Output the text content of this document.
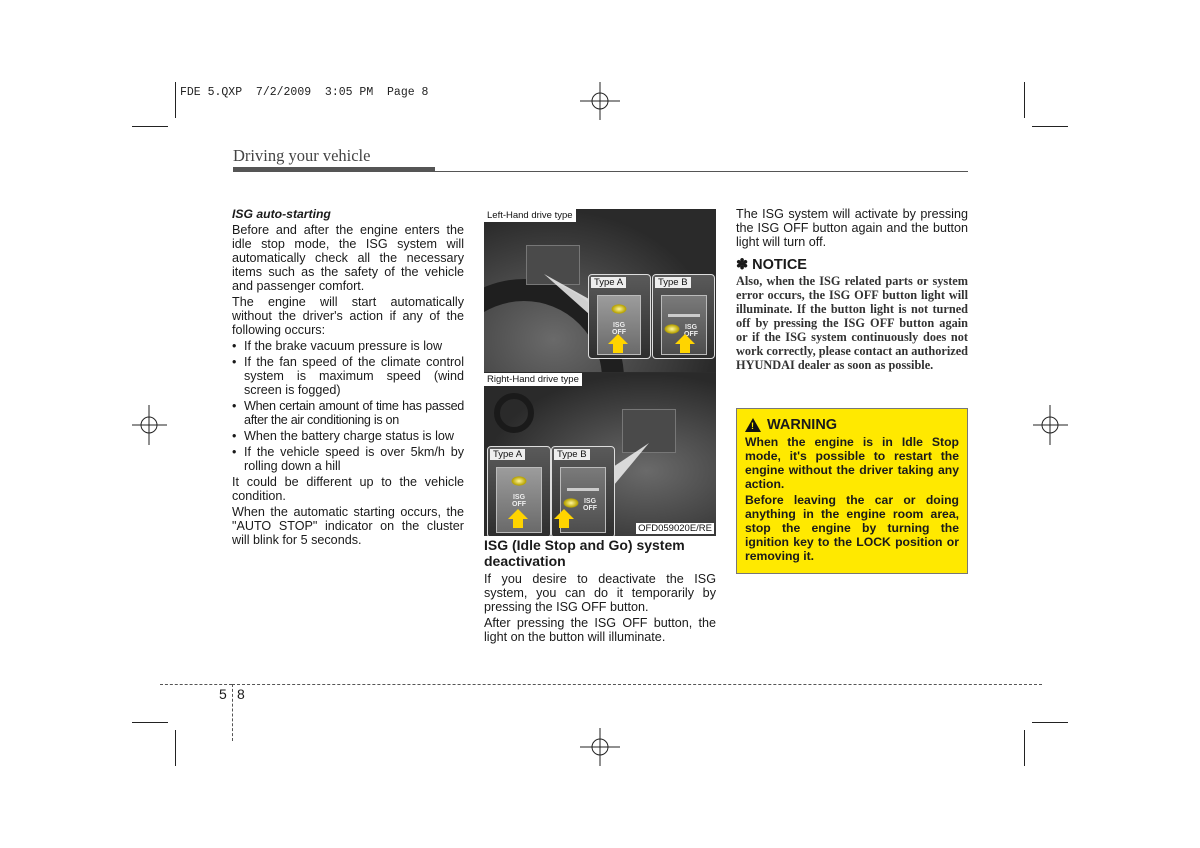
FDE 5.QXP  7/2/2009  3:05 PM  Page 8
Driving your vehicle
ISG auto-starting

Before and after the engine enters the idle stop mode, the ISG system will automatically check all the necessary items such as the safety of the vehicle and passenger comfort.

The engine will start automatically without the driver's action if any of the following occurs:

• If the brake vacuum pressure is low
• If the fan speed of the climate control system is maximum speed (wind screen is fogged)
• When certain amount of time has passed after the air conditioning is on
• When the battery charge status is low
• If the vehicle speed is over 5km/h by rolling down a hill

It could be different up to the vehicle condition.

When the automatic starting occurs, the "AUTO STOP" indicator on the cluster will blink for 5 seconds.

Left-Hand drive type
Type A
ISG
OFF
Type B
ISG
OFF
Right-Hand drive type
Type A
ISG
OFF
Type B
ISG
OFF
OFD059020E/RE
ISG (Idle Stop and Go) system deactivation

If you desire to deactivate the ISG system, you can do it temporarily by pressing the ISG OFF button.

After pressing the ISG OFF button, the light on the button will illuminate.

The ISG system will activate by pressing the ISG OFF button again and the button light will turn off.

✽ NOTICE
Also, when the ISG related parts or system error occurs, the ISG OFF button light will illuminate. If the button light is not turned off by pressing the ISG OFF button again or if the ISG system continuously does not work correctly, please contact an authorized HYUNDAI dealer as soon as possible.
! WARNING

When the engine is in Idle Stop mode, it's possible to restart the engine without the driver taking any action.

Before leaving the car or doing anything in the engine room area, stop the engine by turning the ignition key to the LOCK position or removing it.

5 8
